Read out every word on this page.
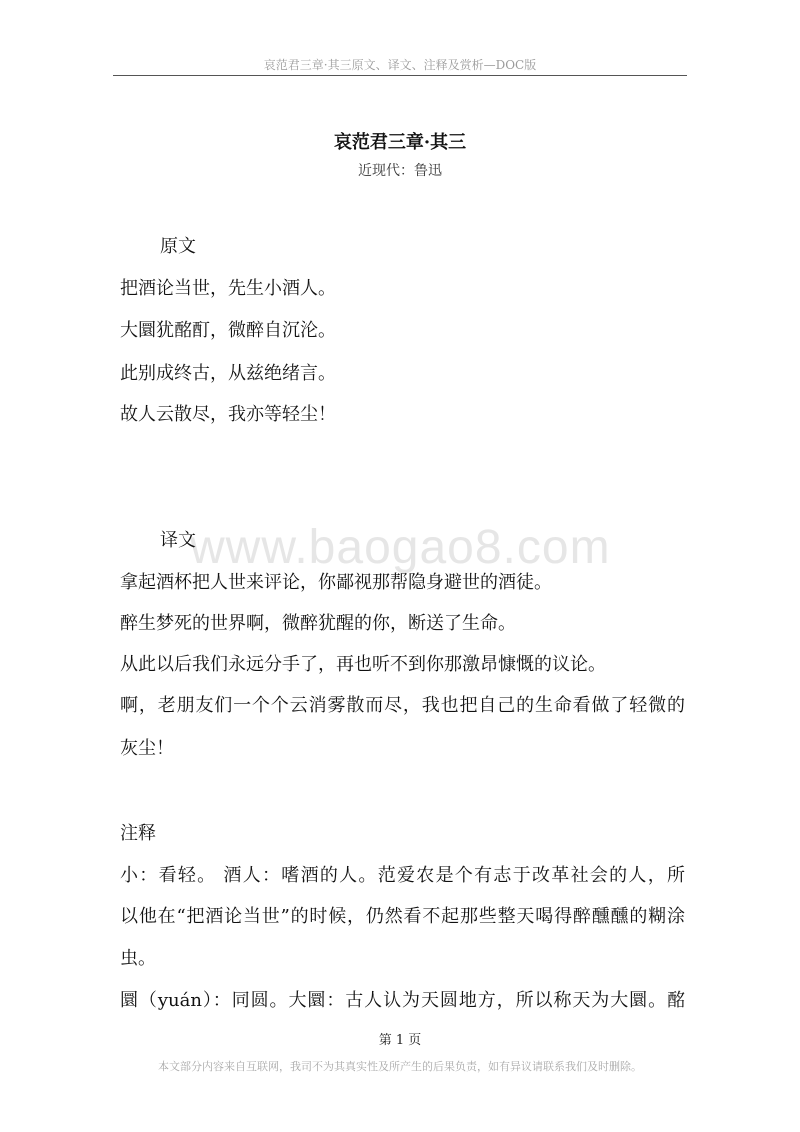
哀范君三章·其三原文、译文、注释及赏析—DOC版
哀范君三章·其三
近现代：鲁迅
原文
把酒论当世，先生小酒人。
大圜犹酩酊，微醉自沉沦。
此别成终古，从兹绝绪言。
故人云散尽，我亦等轻尘！
www.baogao8.com
译文
拿起酒杯把人世来评论，你鄙视那帮隐身避世的酒徒。
醉生梦死的世界啊，微醉犹醒的你，断送了生命。
从此以后我们永远分手了，再也听不到你那激昂慷慨的议论。
啊，老朋友们一个个云消雾散而尽，我也把自己的生命看做了轻微的
灰尘！
注释
小：看轻。 酒人：嗜酒的人。范爱农是个有志于改革社会的人，所
以他在“把酒论当世”的时候，仍然看不起那些整天喝得醉醺醺的糊涂
虫。
圜（yuán）：同圆。大圜：古人认为天圆地方，所以称天为大圜。酩
第 1 页
本文部分内容来自互联网，我司不为其真实性及所产生的后果负责，如有异议请联系我们及时删除。
